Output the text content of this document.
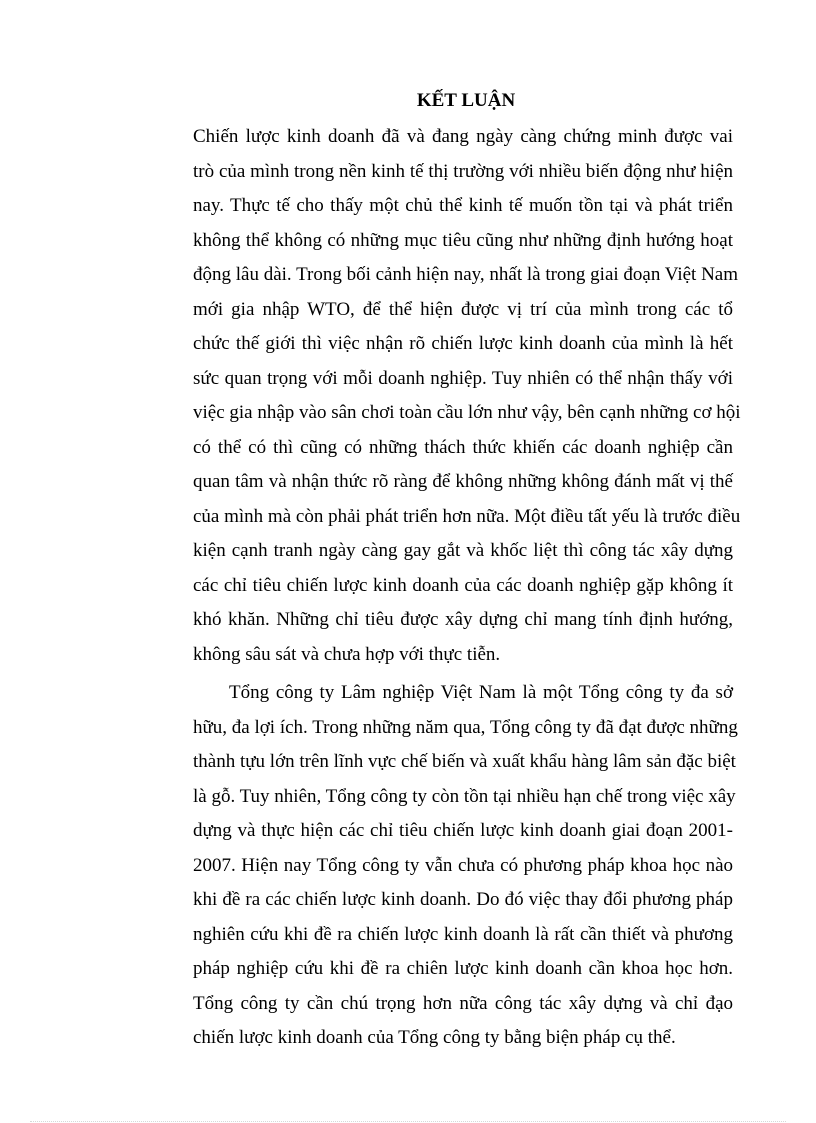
KẾT LUẬN
Chiến lược kinh doanh đã và đang ngày càng chứng minh được vai
trò của mình trong nền kinh tế thị trường với nhiều biến động như hiện
nay. Thực tế cho thấy một chủ thể kinh tế muốn tồn tại và phát triển
không thể không có những mục tiêu cũng như những định hướng hoạt
động lâu dài. Trong bối cảnh hiện nay, nhất là trong giai đoạn Việt Nam
mới gia nhập WTO, để thể hiện được vị trí của mình trong các tổ
chức thế giới thì việc nhận rõ chiến lược kinh doanh của mình là hết
sức quan trọng với mỗi doanh nghiệp. Tuy nhiên có thể nhận thấy với
việc gia nhập vào sân chơi toàn cầu lớn như vậy, bên cạnh những cơ hội
có thể có thì cũng có những thách thức khiến các doanh nghiệp cần
quan tâm và nhận thức rõ ràng để không những không đánh mất vị thế
của mình mà còn phải phát triển hơn nữa. Một điều tất yếu là trước điều
kiện cạnh tranh ngày càng gay gắt và khốc liệt thì công tác xây dựng
các chỉ tiêu chiến lược kinh doanh của các doanh nghiệp gặp không ít
khó khăn. Những chỉ tiêu được xây dựng chỉ mang tính định hướng,
không sâu sát và chưa hợp với thực tiễn.
Tổng công ty Lâm nghiệp Việt Nam là một Tổng công ty đa sở
hữu, đa lợi ích. Trong những năm qua, Tổng công ty đã đạt được những
thành tựu lớn trên lĩnh vực chế biến và xuất khẩu hàng lâm sản đặc biệt
là gỗ. Tuy nhiên, Tổng công ty còn tồn tại nhiều hạn chế trong việc xây
dựng và thực hiện các chỉ tiêu chiến lược kinh doanh giai đoạn 2001-
2007. Hiện nay Tổng công ty vẫn chưa có phương pháp khoa học nào
khi đề ra các chiến lược kinh doanh. Do đó việc thay đổi phương pháp
nghiên cứu khi đề ra chiến lược kinh doanh là rất cần thiết và phương
pháp nghiệp cứu khi đề ra chiên lược kinh doanh cần khoa học hơn.
Tổng công ty cần chú trọng hơn nữa công tác xây dựng và chỉ đạo
chiến lược kinh doanh của Tổng công ty bằng biện pháp cụ thể.
